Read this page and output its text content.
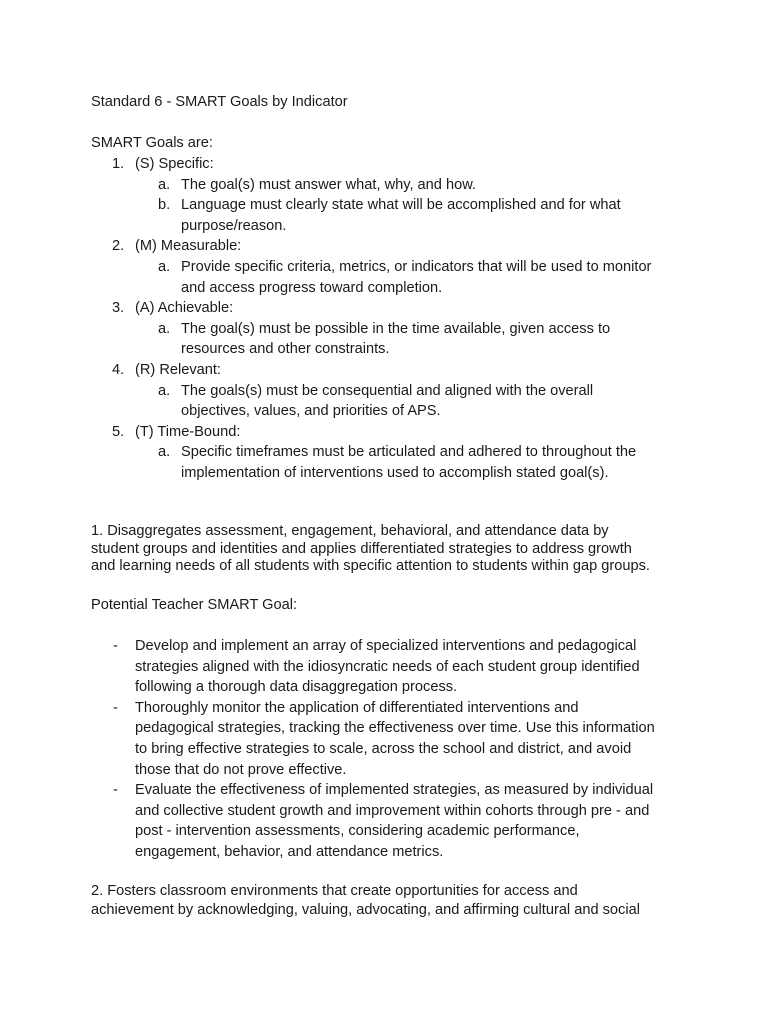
Standard 6 - SMART Goals by Indicator
SMART Goals are:
1. (S) Specific:
a. The goal(s) must answer what, why, and how.
b. Language must clearly state what will be accomplished and for what
purpose/reason.
2. (M) Measurable:
a. Provide specific criteria, metrics, or indicators that will be used to monitor
and access progress toward completion.
3. (A) Achievable:
a. The goal(s) must be possible in the time available, given access to
resources and other constraints.
4. (R) Relevant:
a. The goals(s) must be consequential and aligned with the overall
objectives, values, and priorities of APS.
5. (T) Time-Bound:
a. Specific timeframes must be articulated and adhered to throughout the
implementation of interventions used to accomplish stated goal(s).
1. Disaggregates assessment, engagement, behavioral, and attendance data by
student groups and identities and applies differentiated strategies to address growth
and learning needs of all students with specific attention to students within gap groups.
Potential Teacher SMART Goal:
- Develop and implement an array of specialized interventions and pedagogical
strategies aligned with the idiosyncratic needs of each student group identified
following a thorough data disaggregation process.
- Thoroughly monitor the application of differentiated interventions and
pedagogical strategies, tracking the effectiveness over time. Use this information
to bring effective strategies to scale, across the school and district, and avoid
those that do not prove effective.
- Evaluate the effectiveness of implemented strategies, as measured by individual
and collective student growth and improvement within cohorts through pre - and
post - intervention assessments, considering academic performance,
engagement, behavior, and attendance metrics.
2. Fosters classroom environments that create opportunities for access and
achievement by acknowledging, valuing, advocating, and affirming cultural and social
